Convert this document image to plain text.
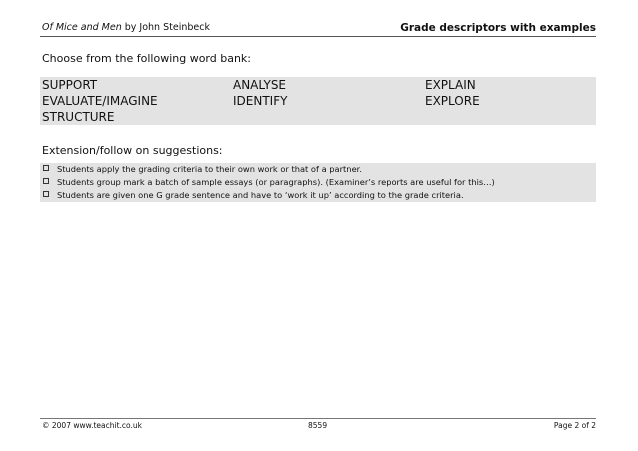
Of Mice and Men by John Steinbeck	Grade descriptors with examples
Choose from the following word bank:
SUPPORT	ANALYSE	EXPLAIN
EVALUATE/IMAGINE	IDENTIFY	EXPLORE
STRUCTURE
Extension/follow on suggestions:
Students apply the grading criteria to their own work or that of a partner.
Students group mark a batch of sample essays (or paragraphs). (Examiner’s reports are useful for this…)
Students are given one G grade sentence and have to ‘work it up’ according to the grade criteria.
© 2007 www.teachit.co.uk	8559	Page 2 of 2
